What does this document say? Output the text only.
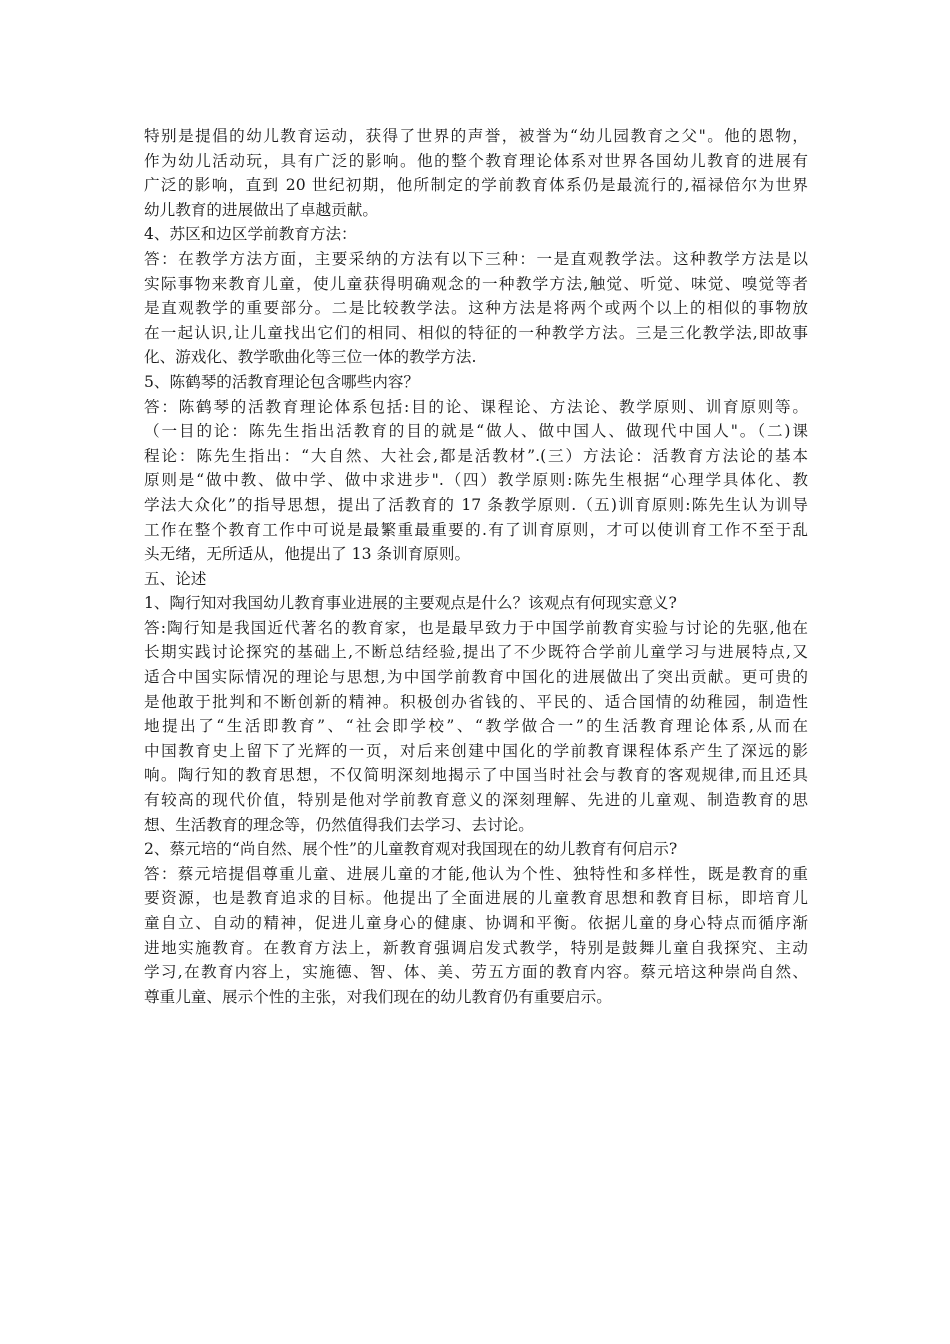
特别是提倡的幼儿教育运动，获得了世界的声誉，被誉为“幼儿园教育之父"。他的恩物，
作为幼儿活动玩，具有广泛的影响。他的整个教育理论体系对世界各国幼儿教育的进展有
广泛的影响，直到 20 世纪初期，他所制定的学前教育体系仍是最流行的,福禄倍尔为世界
幼儿教育的进展做出了卓越贡献。
4、苏区和边区学前教育方法：
答：在教学方法方面，主要采纳的方法有以下三种：一是直观教学法。这种教学方法是以
实际事物来教育儿童，使儿童获得明确观念的一种教学方法,触觉、听觉、味觉、嗅觉等者
是直观教学的重要部分。二是比较教学法。这种方法是将两个或两个以上的相似的事物放
在一起认识,让儿童找出它们的相同、相似的特征的一种教学方法。三是三化教学法,即故事
化、游戏化、教学歌曲化等三位一体的教学方法.
5、陈鹤琴的活教育理论包含哪些内容？
答：陈鹤琴的活教育理论体系包括:目的论、课程论、方法论、教学原则、训育原则等。
（一目的论：陈先生指出活教育的目的就是“做人、做中国人、做现代中国人"。（二)课
程论：陈先生指出：“大自然、大社会,都是活教材”.(三）方法论：活教育方法论的基本
原则是“做中教、做中学、做中求进步".（四）教学原则:陈先生根据“心理学具体化、教
学法大众化”的指导思想，提出了活教育的 17 条教学原则.（五)训育原则:陈先生认为训导
工作在整个教育工作中可说是最繁重最重要的.有了训育原则，才可以使训育工作不至于乱
头无绪，无所适从，他提出了 13 条训育原则。
五、论述
1、陶行知对我国幼儿教育事业进展的主要观点是什么？该观点有何现实意义?
答:陶行知是我国近代著名的教育家，也是最早致力于中国学前教育实验与讨论的先驱,他在
长期实践讨论探究的基础上,不断总结经验,提出了不少既符合学前儿童学习与进展特点,又
适合中国实际情况的理论与思想,为中国学前教育中国化的进展做出了突出贡献。更可贵的
是他敢于批判和不断创新的精神。积极创办省钱的、平民的、适合国情的幼稚园，制造性
地提出了“生活即教育”、“社会即学校”、“教学做合一”的生活教育理论体系,从而在
中国教育史上留下了光辉的一页，对后来创建中国化的学前教育课程体系产生了深远的影
响。陶行知的教育思想，不仅简明深刻地揭示了中国当时社会与教育的客观规律,而且还具
有较高的现代价值，特别是他对学前教育意义的深刻理解、先进的儿童观、制造教育的思
想、生活教育的理念等，仍然值得我们去学习、去讨论。
2、蔡元培的“尚自然、展个性”的儿童教育观对我国现在的幼儿教育有何启示?
答：蔡元培提倡尊重儿童、进展儿童的才能,他认为个性、独特性和多样性，既是教育的重
要资源，也是教育追求的目标。他提出了全面进展的儿童教育思想和教育目标，即培育儿
童自立、自动的精神，促进儿童身心的健康、协调和平衡。依据儿童的身心特点而循序渐
进地实施教育。在教育方法上，新教育强调启发式教学，特别是鼓舞儿童自我探究、主动
学习,在教育内容上，实施德、智、体、美、劳五方面的教育内容。蔡元培这种崇尚自然、
尊重儿童、展示个性的主张，对我们现在的幼儿教育仍有重要启示。
